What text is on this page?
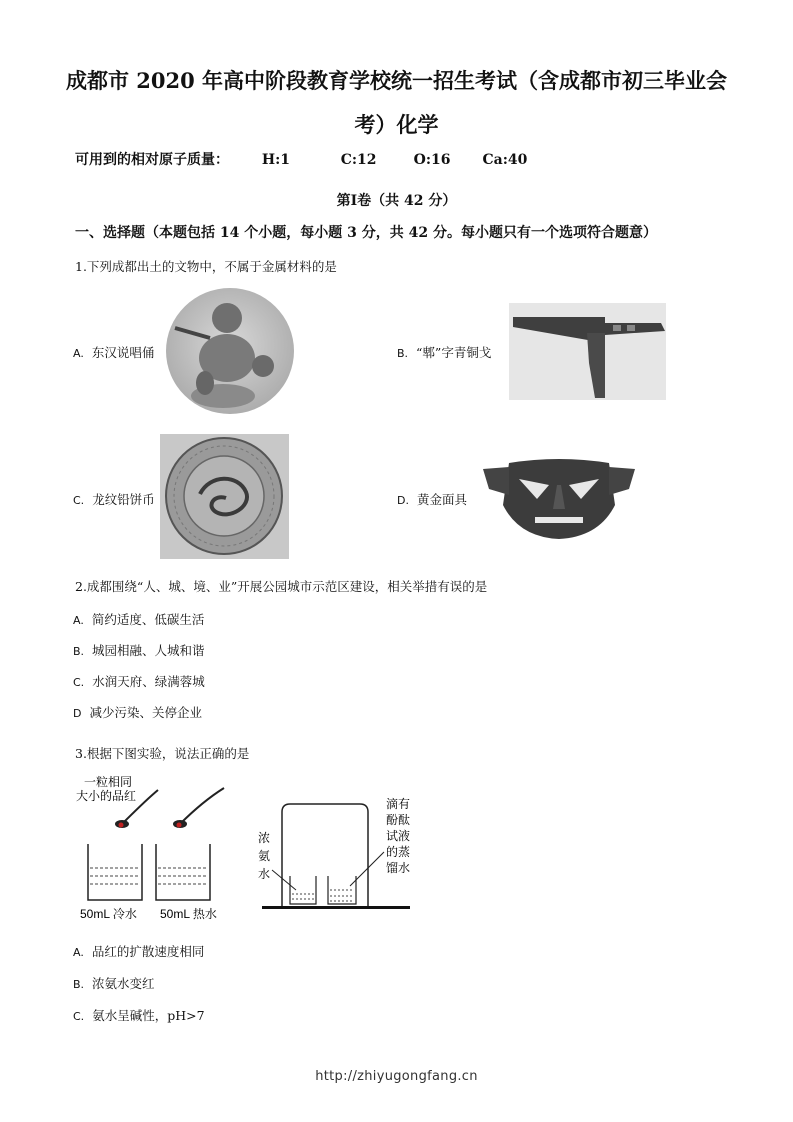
成都市 2020 年高中阶段教育学校统一招生考试（含成都市初三毕业会
考）化学
可用到的相对原子质量： H:1	C:12	O:16 Ca:40
第Ⅰ卷（共 42 分）
一、选择题（本题包括 14 个小题，每小题 3 分，共 42 分。每小题只有一个选项符合题意）
1.下列成都出土的文物中，不属于金属材料的是
A. 东汉说唱俑	B. “郫”字青铜戈
C. 龙纹铅饼币	D. 黄金面具
2.成都围绕“人、城、境、业”开展公园城市示范区建设，相关举措有误的是
A. 简约适度、低碳生活
B. 城园相融、人城和谐
C. 水润天府、绿满蓉城
D 减少污染、关停企业
3.根据下图实验，说法正确的是
一粒相同
大小的品红
50mL 冷水 50mL 热水
浓
氨
水
滴有
酚酞
试液
的蒸
馏水
A. 品红的扩散速度相同
B. 浓氨水变红
C. 氨水呈碱性，pH>7
http://zhiyugongfang.cn
